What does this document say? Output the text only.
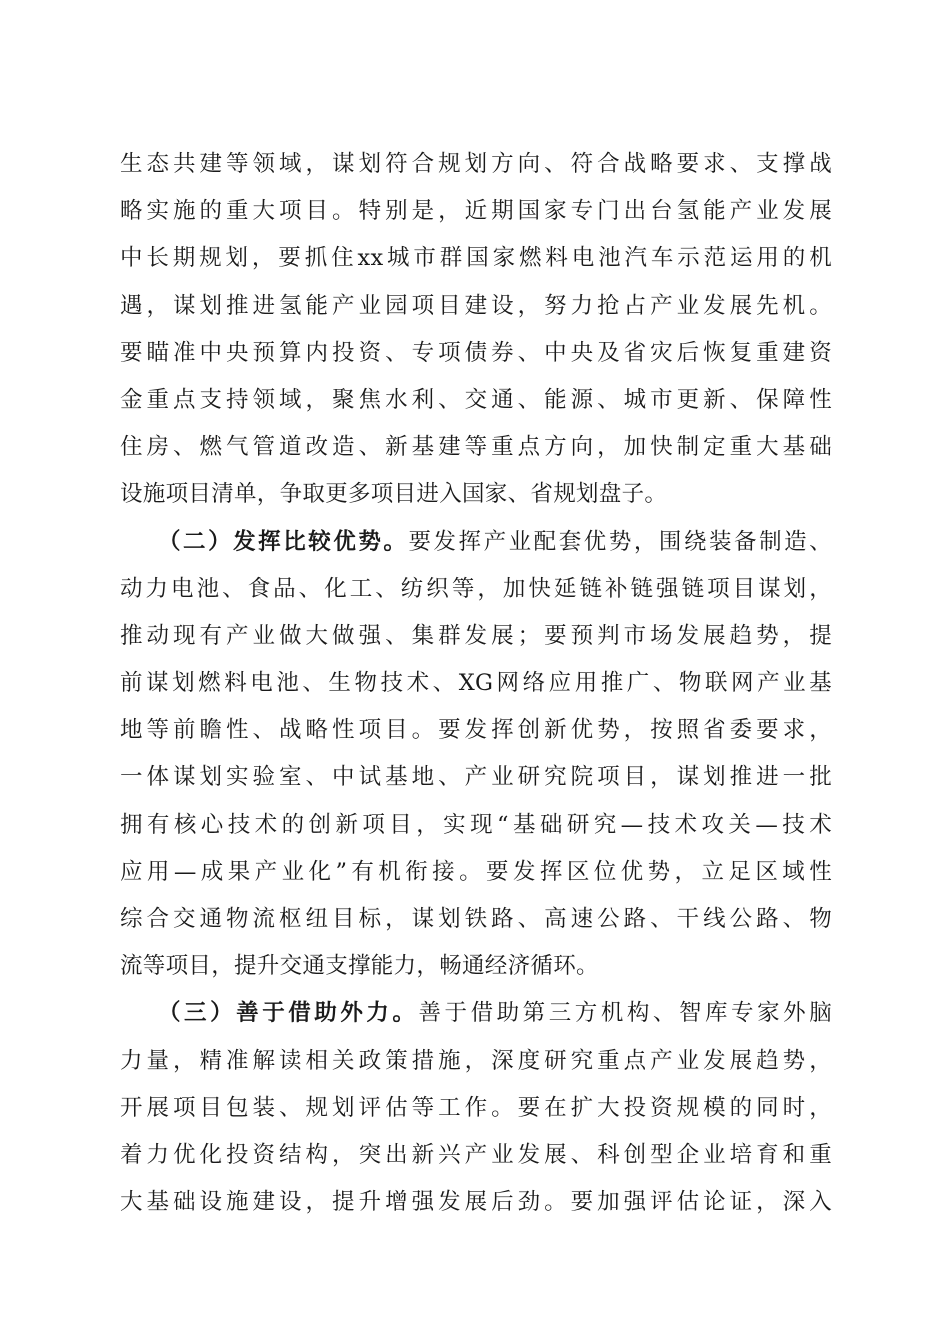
生态共建等领域，谋划符合规划方向、符合战略要求、支撑战
略实施的重大项目。特别是，近期国家专门出台氢能产业发展
中长期规划，要抓住xx城市群国家燃料电池汽车示范运用的机
遇，谋划推进氢能产业园项目建设，努力抢占产业发展先机。
要瞄准中央预算内投资、专项债券、中央及省灾后恢复重建资
金重点支持领域，聚焦水利、交通、能源、城市更新、保障性
住房、燃气管道改造、新基建等重点方向，加快制定重大基础
设施项目清单，争取更多项目进入国家、省规划盘子。
（二）发挥比较优势。要发挥产业配套优势，围绕装备制造、
动力电池、食品、化工、纺织等，加快延链补链强链项目谋划，
推动现有产业做大做强、集群发展；要预判市场发展趋势，提
前谋划燃料电池、生物技术、XG网络应用推广、物联网产业基
地等前瞻性、战略性项目。要发挥创新优势，按照省委要求，
一体谋划实验室、中试基地、产业研究院项目，谋划推进一批
拥有核心技术的创新项目，实现“基础研究—技术攻关—技术
应用—成果产业化”有机衔接。要发挥区位优势，立足区域性
综合交通物流枢纽目标，谋划铁路、高速公路、干线公路、物
流等项目，提升交通支撑能力，畅通经济循环。
（三）善于借助外力。善于借助第三方机构、智库专家外脑
力量，精准解读相关政策措施，深度研究重点产业发展趋势，
开展项目包装、规划评估等工作。要在扩大投资规模的同时，
着力优化投资结构，突出新兴产业发展、科创型企业培育和重
大基础设施建设，提升增强发展后劲。要加强评估论证，深入
